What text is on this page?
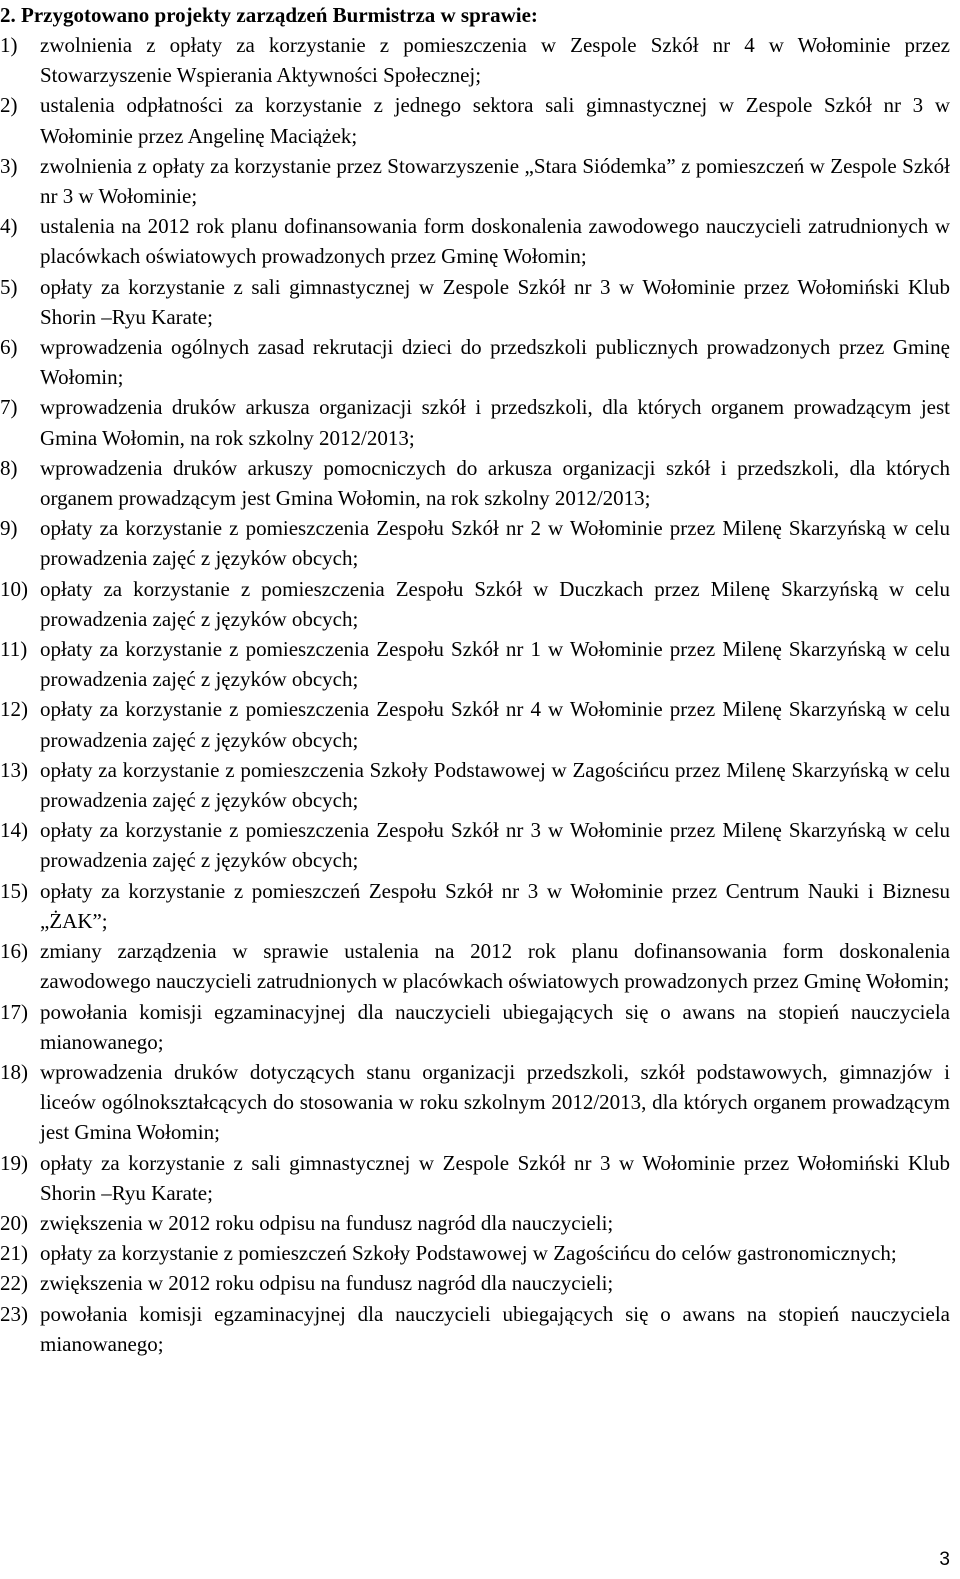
2. Przygotowano projekty zarządzeń Burmistrza w sprawie:
1) zwolnienia z opłaty za korzystanie z pomieszczenia w Zespole Szkół nr 4 w Wołominie przez Stowarzyszenie Wspierania Aktywności Społecznej;
2) ustalenia odpłatności za korzystanie z jednego sektora sali gimnastycznej w Zespole Szkół nr 3 w Wołominie przez Angelinę Maciążek;
3) zwolnienia z opłaty za korzystanie przez Stowarzyszenie „Stara Siódemka” z pomieszczeń w Zespole Szkół nr 3 w Wołominie;
4) ustalenia na 2012 rok planu dofinansowania form doskonalenia zawodowego nauczycieli zatrudnionych w placówkach oświatowych prowadzonych przez Gminę Wołomin;
5) opłaty za korzystanie z sali gimnastycznej w Zespole Szkół nr 3 w Wołominie przez Wołomiński Klub Shorin –Ryu Karate;
6) wprowadzenia ogólnych zasad rekrutacji dzieci do przedszkoli publicznych prowadzonych przez Gminę Wołomin;
7) wprowadzenia druków arkusza organizacji szkół i przedszkoli, dla których organem prowadzącym jest Gmina Wołomin, na rok szkolny 2012/2013;
8) wprowadzenia druków arkuszy pomocniczych do arkusza organizacji szkół i przedszkoli, dla których organem prowadzącym jest Gmina Wołomin, na rok szkolny 2012/2013;
9) opłaty za korzystanie z pomieszczenia Zespołu Szkół nr 2 w Wołominie przez Milenę Skarzyńską w celu prowadzenia zajęć z języków obcych;
10) opłaty za korzystanie z pomieszczenia Zespołu Szkół w Duczkach przez Milenę Skarzyńską w celu prowadzenia zajęć z języków obcych;
11) opłaty za korzystanie z pomieszczenia Zespołu Szkół nr 1 w Wołominie przez Milenę Skarzyńską w celu prowadzenia zajęć z języków obcych;
12) opłaty za korzystanie z pomieszczenia Zespołu Szkół nr 4 w Wołominie przez Milenę Skarzyńską w celu prowadzenia zajęć z języków obcych;
13) opłaty za korzystanie z pomieszczenia Szkoły Podstawowej w Zagościńcu przez Milenę Skarzyńską w celu prowadzenia zajęć z języków obcych;
14) opłaty za korzystanie z pomieszczenia Zespołu Szkół nr 3 w Wołominie przez Milenę Skarzyńską w celu prowadzenia zajęć z języków obcych;
15) opłaty za korzystanie z pomieszczeń Zespołu Szkół nr 3 w Wołominie przez Centrum Nauki i Biznesu „ŻAK”;
16) zmiany zarządzenia w sprawie ustalenia na 2012 rok planu dofinansowania form doskonalenia zawodowego nauczycieli zatrudnionych w placówkach oświatowych prowadzonych przez Gminę Wołomin;
17) powołania komisji egzaminacyjnej dla nauczycieli ubiegających się o awans na stopień nauczyciela mianowanego;
18) wprowadzenia druków dotyczących stanu organizacji przedszkoli, szkół podstawowych, gimnazjów i liceów ogólnokształcących do stosowania w roku szkolnym 2012/2013, dla których organem prowadzącym jest Gmina Wołomin;
19) opłaty za korzystanie z sali gimnastycznej w Zespole Szkół nr 3 w Wołominie przez Wołomiński Klub Shorin –Ryu Karate;
20) zwiększenia w 2012 roku odpisu na fundusz nagród dla nauczycieli;
21) opłaty za korzystanie z pomieszczeń Szkoły Podstawowej w Zagościńcu do celów gastronomicznych;
22) zwiększenia w 2012 roku odpisu na fundusz nagród dla nauczycieli;
23) powołania komisji egzaminacyjnej dla nauczycieli ubiegających się o awans na stopień nauczyciela mianowanego;
3
